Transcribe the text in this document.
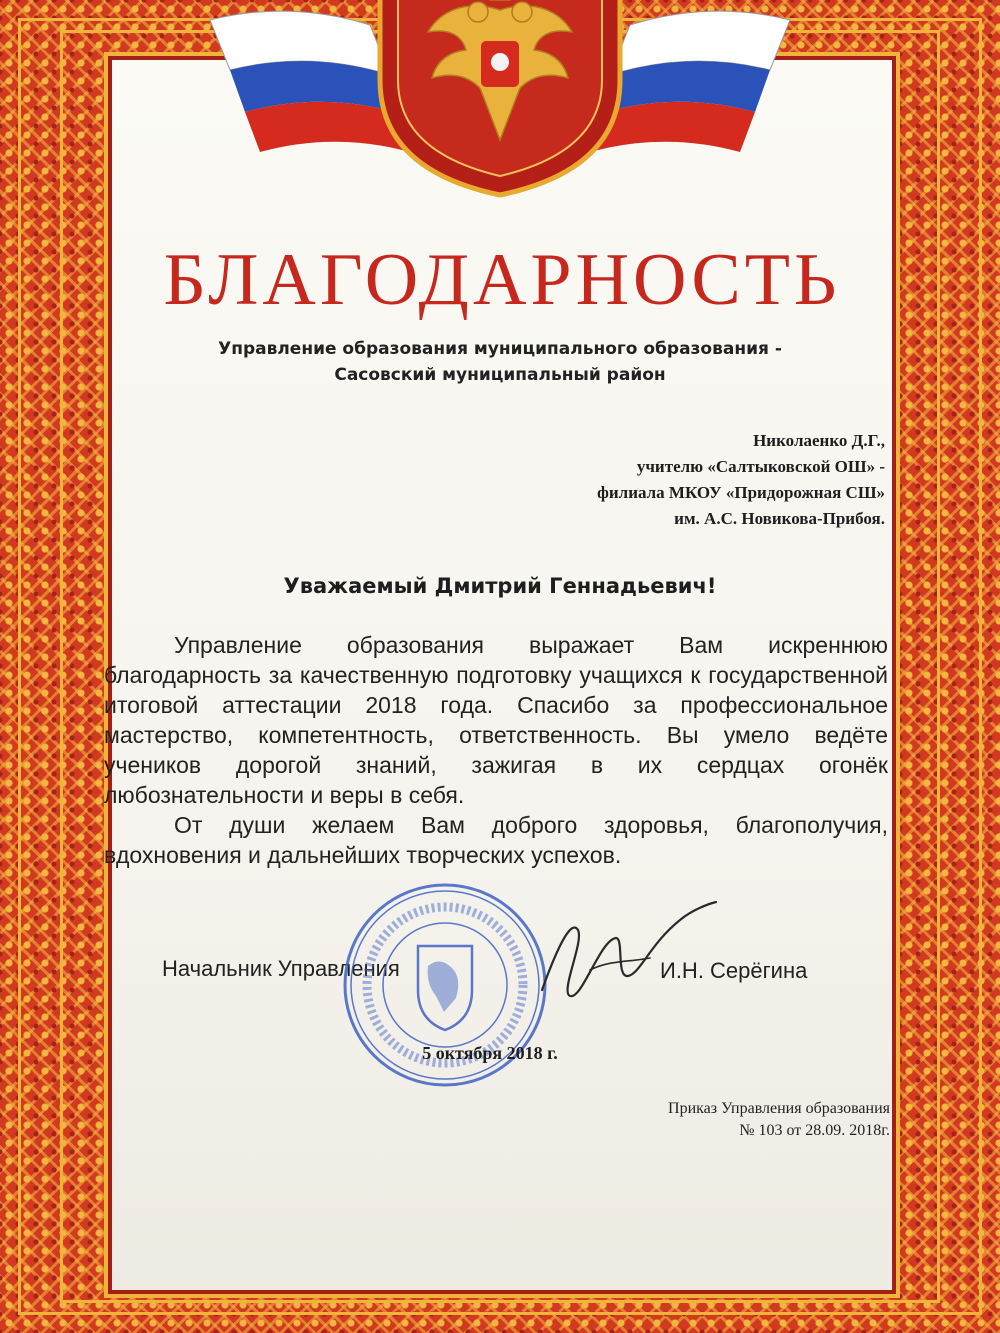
БЛАГОДАРНОСТЬ
Управление образования муниципального образования -
Сасовский муниципальный район
Николаенко Д.Г.,
учителю «Салтыковской ОШ» -
филиала МКОУ «Придорожная СШ»
им. А.С. Новикова-Прибоя.
Уважаемый Дмитрий Геннадьевич!

Управление образования выражает Вам искреннюю благодарность за качественную подготовку учащихся к государственной итоговой аттестации 2018 года. Спасибо за профессиональное мастерство, компетентность, ответственность. Вы умело ведёте учеников дорогой знаний, зажигая в их сердцах огонёк любознательности и веры в себя.

От души желаем Вам доброго здоровья, благополучия, вдохновения и дальнейших творческих успехов.

Начальник Управления	И.Н. Серёгина
5 октября 2018 г.
Приказ Управления образования
№ 103 от 28.09. 2018г.
